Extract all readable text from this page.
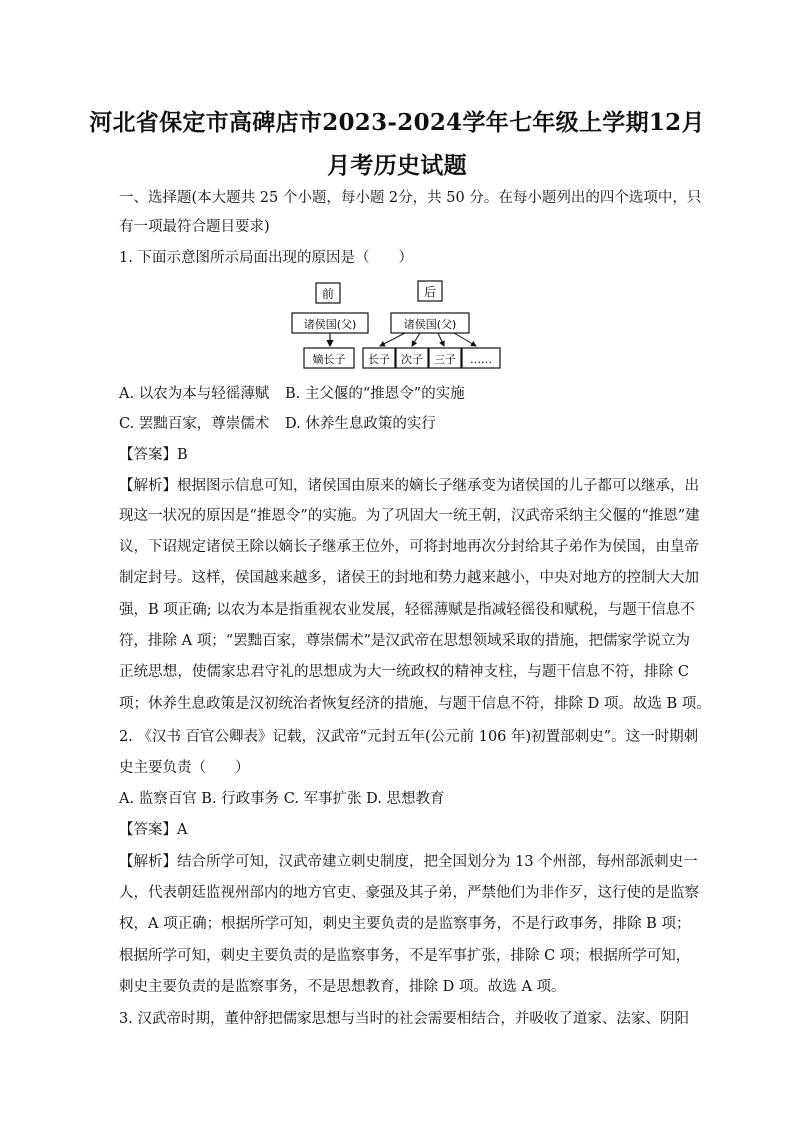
河北省保定市高碑店市2023-2024学年七年级上学期12月
月考历史试题
一、选择题(本大题共 25 个小题，每小题 2分，共 50 分。在每小题列出的四个选项中，只
有一项最符合题目要求)
1. 下面示意图所示局面出现的原因是（　　）
前
诸侯国(父)
嫡长子
后
诸侯国(父)
长子 次子 三子 ……
A. 以农为本与轻徭薄赋 B. 主父偃的“推恩令”的实施
C. 罢黜百家，尊崇儒术 D. 休养生息政策的实行
【答案】B
【解析】根据图示信息可知，诸侯国由原来的嫡长子继承变为诸侯国的儿子都可以继承，出
现这一状况的原因是“推恩令”的实施。为了巩固大一统王朝，汉武帝采纳主父偃的“推恩”建
议，下诏规定诸侯王除以嫡长子继承王位外，可将封地再次分封给其子弟作为侯国，由皇帝
制定封号。这样，侯国越来越多，诸侯王的封地和势力越来越小，中央对地方的控制大大加
强，B 项正确; 以农为本是指重视农业发展，轻徭薄赋是指减轻徭役和赋税，与题干信息不
符，排除 A 项；“罢黜百家，尊崇儒术”是汉武帝在思想领域采取的措施，把儒家学说立为
正统思想，使儒家忠君守礼的思想成为大一统政权的精神支柱，与题干信息不符，排除 C
项；休养生息政策是汉初统治者恢复经济的措施，与题干信息不符，排除 D 项。故选 B 项。
2. 《汉书 百官公卿表》记载，汉武帝“元封五年(公元前 106 年)初置部刺史”。这一时期刺
史主要负责（　　）
A. 监察百官 B. 行政事务 C. 军事扩张 D. 思想教育
【答案】A
【解析】结合所学可知，汉武帝建立刺史制度，把全国划分为 13 个州部，每州部派刺史一
人，代表朝廷监视州部内的地方官吏、豪强及其子弟，严禁他们为非作歹，这行使的是监察
权，A 项正确；根据所学可知，刺史主要负责的是监察事务，不是行政事务，排除 B 项；
根据所学可知，刺史主要负责的是监察事务，不是军事扩张，排除 C 项；根据所学可知，
刺史主要负责的是监察事务，不是思想教育，排除 D 项。故选 A 项。
3. 汉武帝时期，董仲舒把儒家思想与当时的社会需要相结合，并吸收了道家、法家、阴阳
